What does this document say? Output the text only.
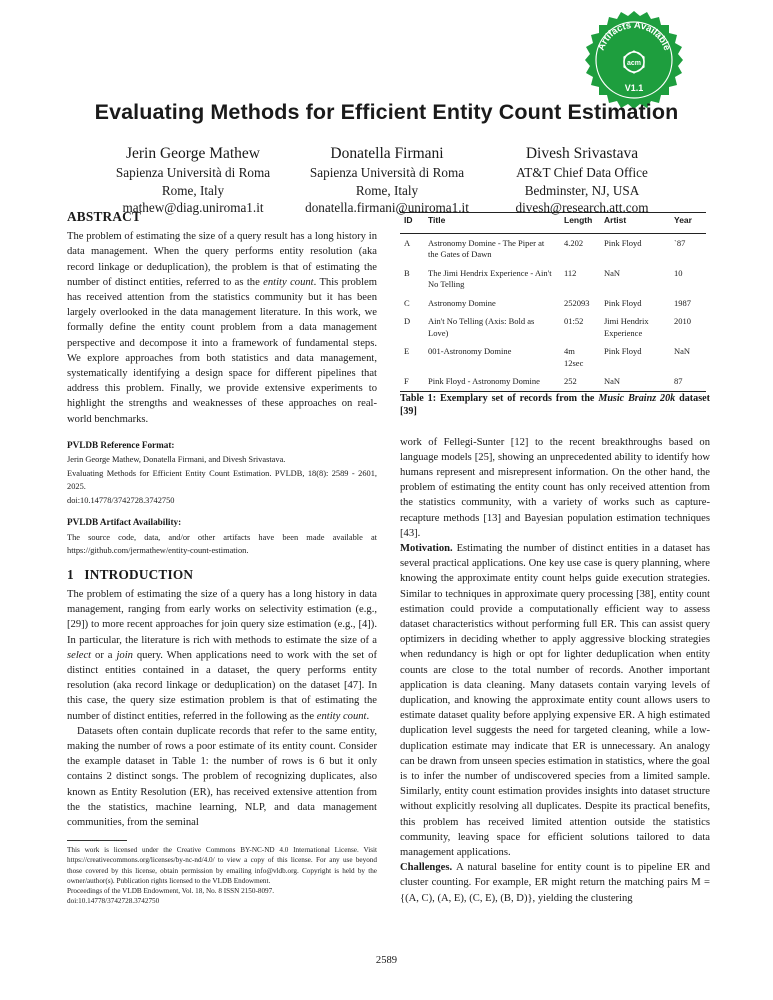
Artifacts Available
acm
V1.1
Evaluating Methods for Efficient Entity Count Estimation
Jerin George Mathew
Sapienza Università di Roma
Rome, Italy
mathew@diag.uniroma1.it
Donatella Firmani
Sapienza Università di Roma
Rome, Italy
donatella.firmani@uniroma1.it
Divesh Srivastava
AT&T Chief Data Office
Bedminster, NJ, USA
divesh@research.att.com
ABSTRACT

The problem of estimating the size of a query result has a long history in data management. When the query performs entity resolution (aka record linkage or deduplication), the problem is that of estimating the number of distinct entities, referred to as the entity count. This problem has received attention from the statistics community but it has been largely overlooked in the data management literature. In this work, we formally define the entity count problem from a data management perspective and decompose it into a framework of fundamental steps. We explore approaches from both statistics and data management, systematically identifying a design space for different pipelines that address this problem. Finally, we provide extensive experiments to highlight the strengths and weaknesses of these approaches on real-world benchmarks.

PVLDB Reference Format:

Jerin George Mathew, Donatella Firmani, and Divesh Srivastava.

Evaluating Methods for Efficient Entity Count Estimation. PVLDB, 18(8): 2589 - 2601, 2025.

doi:10.14778/3742728.3742750

PVLDB Artifact Availability:

The source code, data, and/or other artifacts have been made available at https://github.com/jermathew/entity-count-estimation.

1   INTRODUCTION

The problem of estimating the size of a query has a long history in data management, ranging from early works on selectivity estimation (e.g., [29]) to more recent approaches for join query size estimation (e.g., [4]). In particular, the literature is rich with methods to estimate the size of a select or a join query. When applications need to work with the set of distinct entities contained in a dataset, the query performs entity resolution (aka record linkage or deduplication) on the dataset [47]. In this case, the query size estimation problem is that of estimating the number of distinct entities, referred in the following as the entity count.

Datasets often contain duplicate records that refer to the same entity, making the number of rows a poor estimate of its entity count. Consider the example dataset in Table 1: the number of rows is 6 but it only contains 2 distinct songs. The problem of recognizing duplicates, also known as Entity Resolution (ER), has received extensive attention from the the statistics, machine learning, NLP, and data management communities, from the seminal

This work is licensed under the Creative Commons BY-NC-ND 4.0 International License. Visit https://creativecommons.org/licenses/by-nc-nd/4.0/ to view a copy of this license. For any use beyond those covered by this license, obtain permission by emailing info@vldb.org. Copyright is held by the owner/author(s). Publication rights licensed to the VLDB Endowment.

Proceedings of the VLDB Endowment, Vol. 18, No. 8 ISSN 2150-8097.

doi:10.14778/3742728.3742750

ID	Title	Length	Artist	Year
A	Astronomy Domine - The Piper at the Gates of Dawn	4.202	Pink Floyd	`87
B	The Jimi Hendrix Experience - Ain't No Telling	112	NaN	10
C	Astronomy Domine	252093	Pink Floyd	1987
D	Ain't No Telling (Axis: Bold as Love)	01:52	Jimi Hendrix Experience	2010
E	001-Astronomy Domine	4m 12sec	Pink Floyd	NaN
F	Pink Floyd - Astronomy Domine	252	NaN	87

Table 1: Exemplary set of records from the Music Brainz 20k dataset [39]

work of Fellegi-Sunter [12] to the recent breakthroughs based on language models [25], showing an unprecedented ability to identify how humans represent and misrepresent information. On the other hand, the problem of estimating the entity count has only received attention from the statistics community, with a variety of works such as capture-recapture methods [13] and Bayesian population estimation techniques [43].

Motivation. Estimating the number of distinct entities in a dataset has several practical applications. One key use case is query planning, where knowing the approximate entity count helps guide execution strategies. Similar to techniques in approximate query processing [38], entity count estimation could provide a computationally efficient way to assess dataset characteristics without performing full ER. This can assist query optimizers in deciding whether to apply aggressive blocking strategies when redundancy is high or opt for lighter deduplication when entity counts are close to the total number of records. Another important application is data cleaning. Many datasets contain varying levels of duplication, and knowing the approximate entity count allows users to estimate dataset quality before applying expensive ER. A high estimated duplication level suggests the need for targeted cleaning, while a low-duplication estimate may indicate that ER is unnecessary. An analogy can be drawn from unseen species estimation in statistics, where the goal is to infer the number of undiscovered species from a limited sample. Similarly, entity count estimation provides insights into dataset structure without explicitly resolving all duplicates. Despite its practical benefits, this problem has received limited attention outside the statistics community, leaving space for efficient solutions tailored to data management applications.

Challenges. A natural baseline for entity count is to pipeline ER and cluster counting. For example, ER might return the matching pairs M = {(A, C), (A, E), (C, E), (B, D)}, yielding the clustering

2589
